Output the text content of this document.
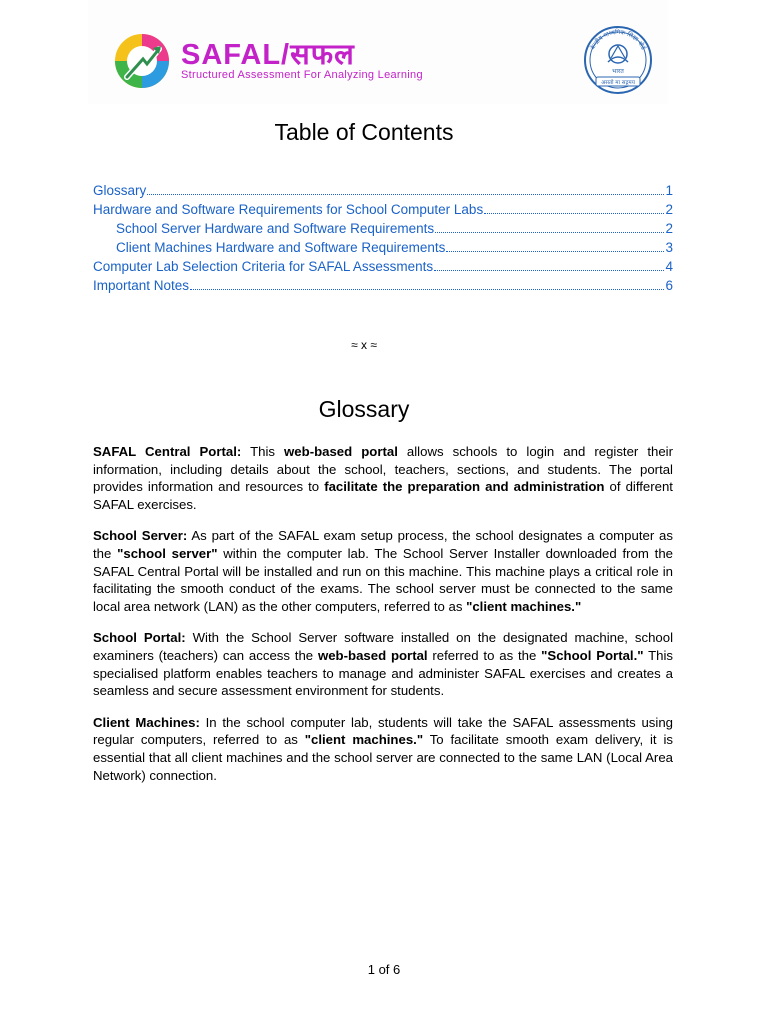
SAFAL/सफल
Structured Assessment For Analyzing Learning
केन्द्रीय माध्यमिक शिक्षा बोर्ड
भारत
असतो मा सद्गमय
Table of Contents
Glossary	1
Hardware and Software Requirements for School Computer Labs	2
School Server Hardware and Software Requirements	2
Client Machines Hardware and Software Requirements	3
Computer Lab Selection Criteria for SAFAL Assessments	4
Important Notes	6
≈ x ≈
Glossary

SAFAL Central Portal: This web-based portal allows schools to login and register their information, including details about the school, teachers, sections, and students. The portal provides information and resources to facilitate the preparation and administration of different SAFAL exercises.

School Server: As part of the SAFAL exam setup process, the school designates a computer as the "school server" within the computer lab. The School Server Installer downloaded from the SAFAL Central Portal will be installed and run on this machine. This machine plays a critical role in facilitating the smooth conduct of the exams. The school server must be connected to the same local area network (LAN) as the other computers, referred to as "client machines."

School Portal: With the School Server software installed on the designated machine, school examiners (teachers) can access the web-based portal referred to as the "School Portal." This specialised platform enables teachers to manage and administer SAFAL exercises and creates a seamless and secure assessment environment for students.

Client Machines: In the school computer lab, students will take the SAFAL assessments using regular computers, referred to as "client machines." To facilitate smooth exam delivery, it is essential that all client machines and the school server are connected to the same LAN (Local Area Network) connection.

1 of 6
